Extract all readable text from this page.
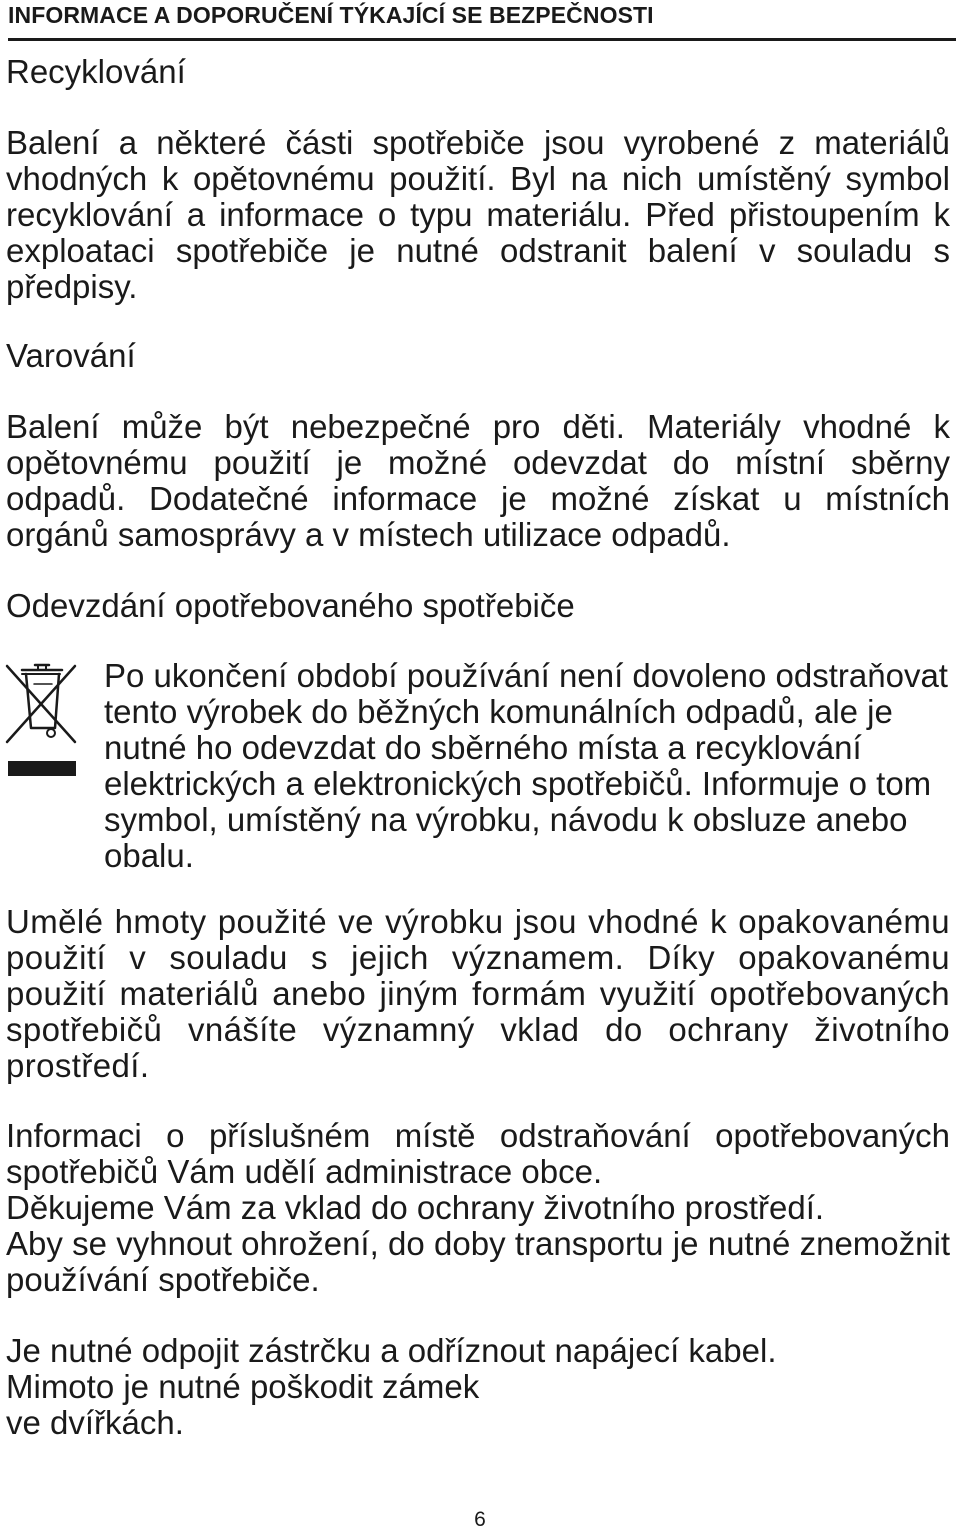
INFORMACE A DOPORUČENÍ TÝKAJÍCÍ SE BEZPEČNOSTI
Recyklování
Balení a některé části spotřebiče jsou vyrobené z materiálů vhodných k opětovnému použití. Byl na nich umístěný symbol recyklování a informace o typu materiálu. Před přistoupením k exploataci spotřebiče je nutné odstranit balení v souladu s předpisy.
Varování
Balení může být nebezpečné pro děti. Materiály vhodné k opětovnému použití je možné odevzdat do místní sběrny odpadů. Dodatečné informace je možné získat u místních orgánů samosprávy a v místech utilizace odpadů.
Odevzdání opotřebovaného spotřebiče
Po ukončení období používání není dovoleno odstraňovat tento výrobek do běžných komunálních odpadů, ale je nutné ho odevzdat do sběrného místa a recyklování elektrických a elektronických spotřebičů. Informuje o tom symbol, umístěný na výrobku, návodu k obsluze anebo obalu.
Umělé hmoty použité ve výrobku jsou vhodné k opakovanému použití v souladu s jejich významem. Díky opakovanému použití materiálů anebo jiným formám využití opotřebovaných spotřebičů vnášíte významný vklad do ochrany životního prostředí.
Informaci o příslušném místě odstraňování opotřebovaných spotřebičů Vám udělí administrace obce.
Děkujeme Vám za vklad do ochrany životního prostředí.
Aby se vyhnout ohrožení, do doby transportu je nutné znemožnit používání spotřebiče.
Je nutné odpojit zástrčku a odříznout napájecí kabel.
Mimoto je nutné poškodit zámek
ve dvířkách.
6
